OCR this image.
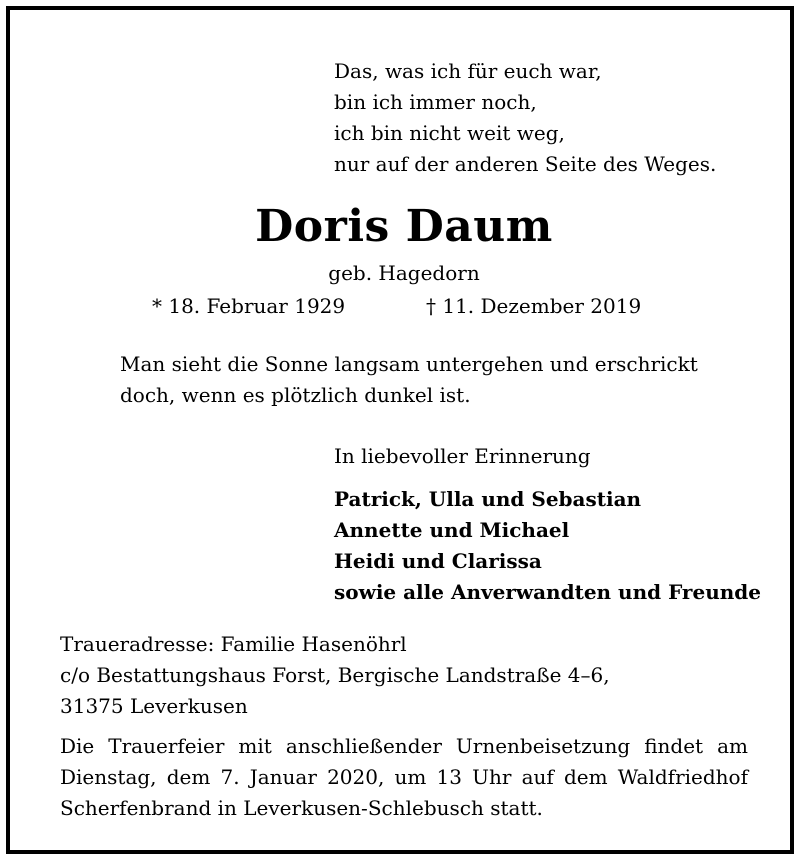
Das, was ich für euch war,
bin ich immer noch,
ich bin nicht weit weg,
nur auf der anderen Seite des Weges.
Doris Daum
geb. Hagedorn
* 18. Februar 1929	† 11. Dezember 2019
Man sieht die Sonne langsam untergehen und erschrickt
doch, wenn es plötzlich dunkel ist.
In liebevoller Erinnerung
Patrick, Ulla und Sebastian
Annette und Michael
Heidi und Clarissa
sowie alle Anverwandten und Freunde
Traueradresse: Familie Hasenöhrl
c/o Bestattungshaus Forst, Bergische Landstraße 4–6,
31375 Leverkusen
Die Trauerfeier mit anschließender Urnenbeisetzung findet am
Dienstag, dem 7. Januar 2020, um 13 Uhr auf dem Waldfriedhof
Scherfenbrand in Leverkusen-Schlebusch statt.
